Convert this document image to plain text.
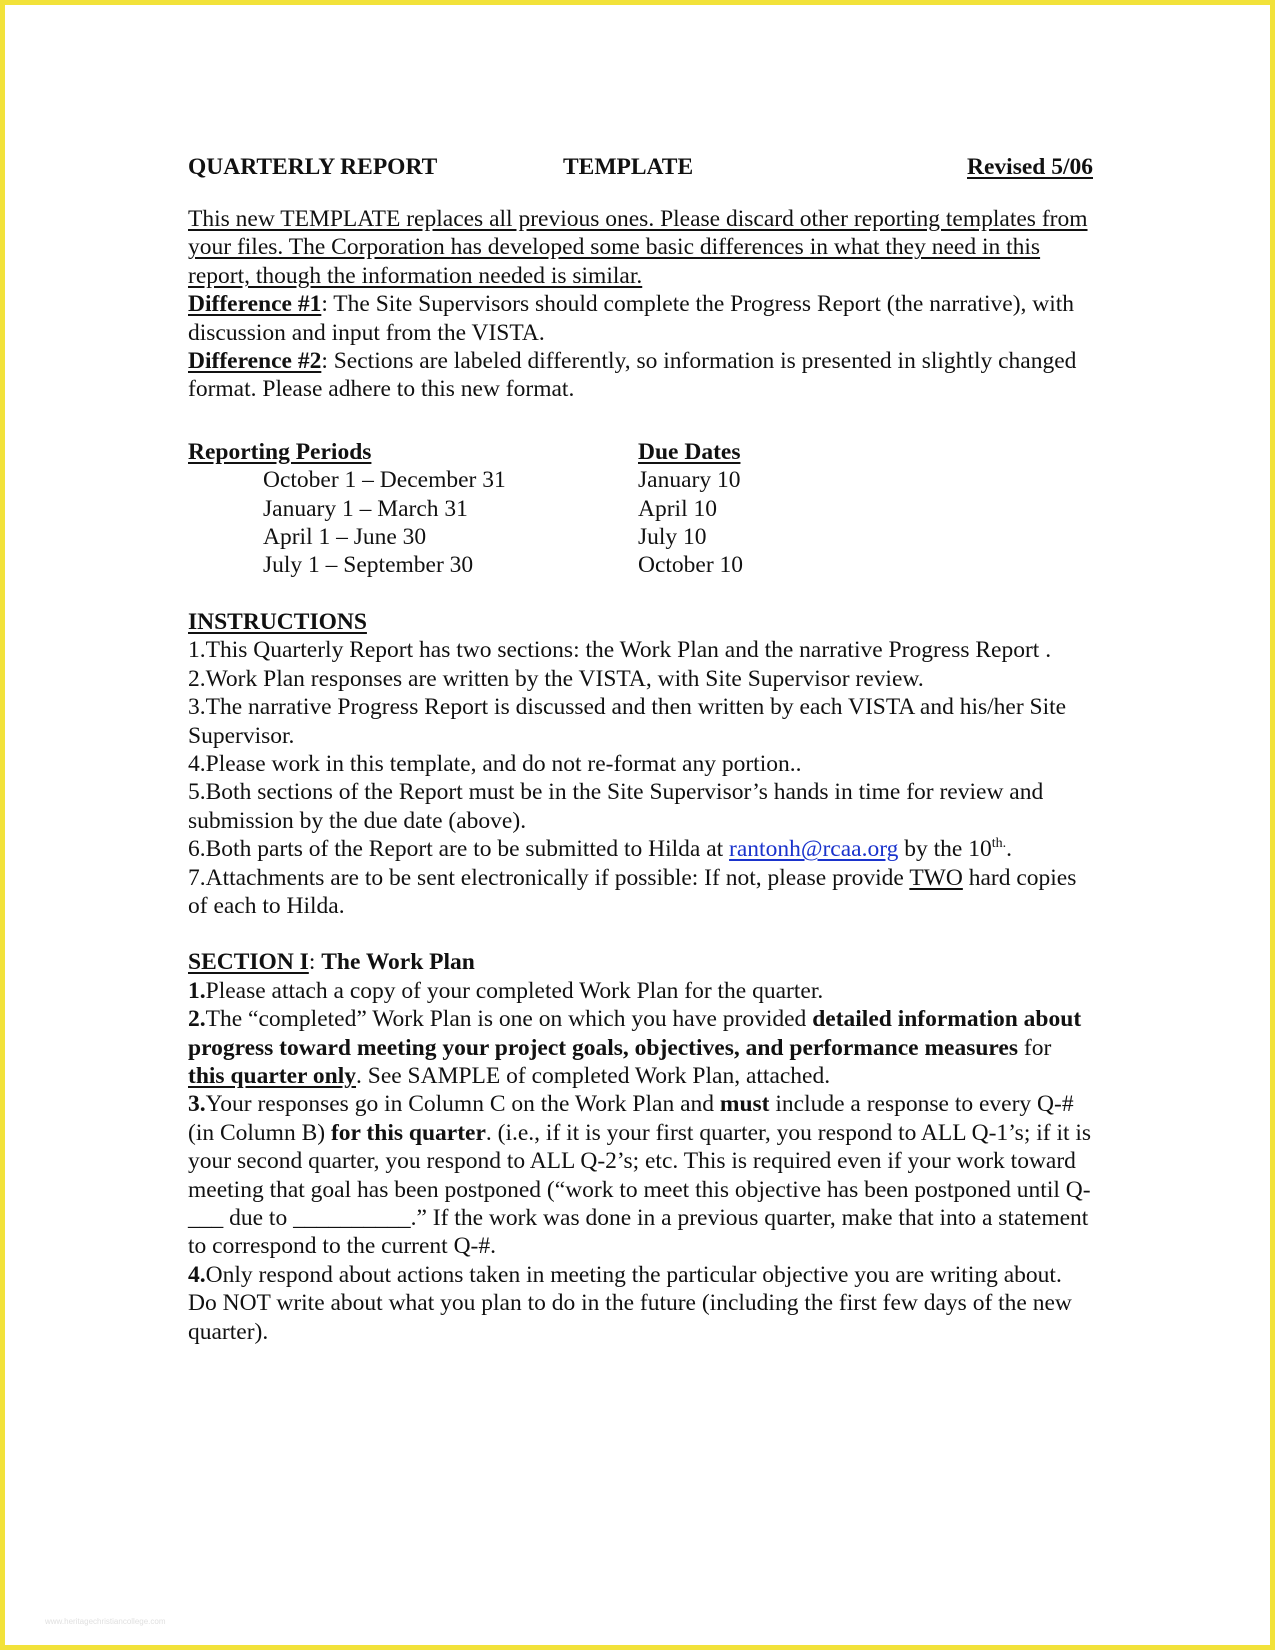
QUARTERLY REPORT	TEMPLATE	Revised 5/06

This new TEMPLATE replaces all previous ones. Please discard other reporting templates from your files. The Corporation has developed some basic differences in what they need in this report, though the information needed is similar.

Difference #1: The Site Supervisors should complete the Progress Report (the narrative), with discussion and input from the VISTA.

Difference #2: Sections are labeled differently, so information is presented in slightly changed format. Please adhere to this new format.

Reporting Periods
October 1 – December 31
January 1 – March 31
April 1 – June 30
July 1 – September 30
Due Dates
January 10
April 10
July 10
October 10
INSTRUCTIONS

1.This Quarterly Report has two sections: the Work Plan and the narrative Progress Report .

2.Work Plan responses are written by the VISTA, with Site Supervisor review.

3.The narrative Progress Report is discussed and then written by each VISTA and his/her Site Supervisor.

4.Please work in this template, and do not re-format any portion..

5.Both sections of the Report must be in the Site Supervisor’s hands in time for review and submission by the due date (above).

6.Both parts of the Report are to be submitted to Hilda at rantonh@rcaa.org by the $10^{th.}$.

7.Attachments are to be sent electronically if possible: If not, please provide TWO hard copies of each to Hilda.

SECTION I: The Work Plan

1.Please attach a copy of your completed Work Plan for the quarter.

2.The “completed” Work Plan is one on which you have provided detailed information about progress toward meeting your project goals, objectives, and performance measures for this quarter only. See SAMPLE of completed Work Plan, attached.

3.Your responses go in Column C on the Work Plan and must include a response to every Q-# (in Column B) for this quarter. (i.e., if it is your first quarter, you respond to ALL Q-1’s; if it is your second quarter, you respond to ALL Q-2’s; etc. This is required even if your work toward meeting that goal has been postponed (“work to meet this objective has been postponed until Q-___ due to __________.” If the work was done in a previous quarter, make that into a statement to correspond to the current Q-#.

4.Only respond about actions taken in meeting the particular objective you are writing about. Do NOT write about what you plan to do in the future (including the first few days of the new quarter).

www.heritagechristiancollege.com
